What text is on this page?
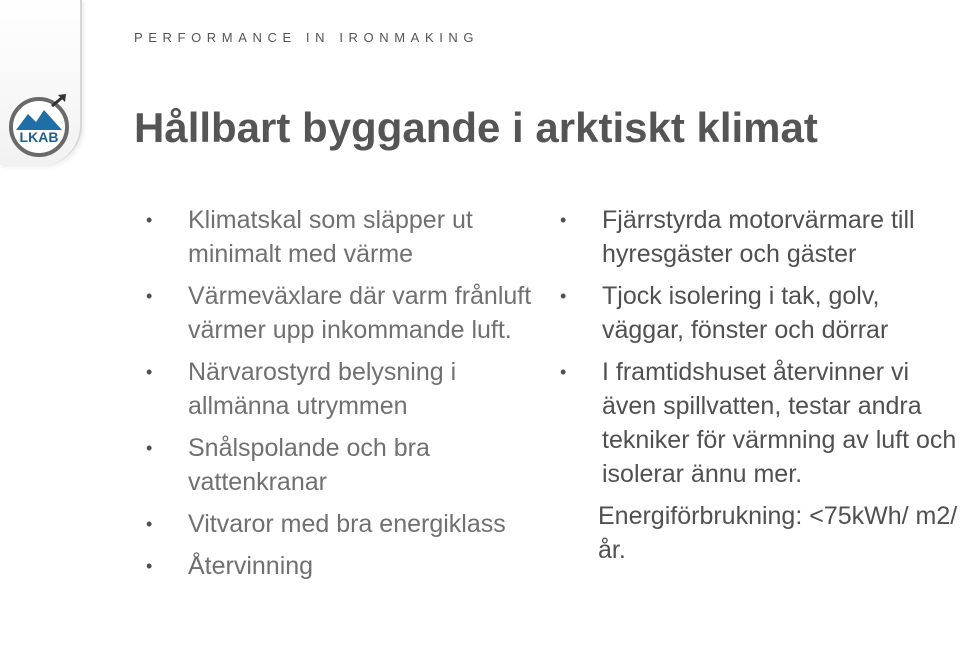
LKAB
PERFORMANCE IN IRONMAKING
Hållbart byggande i arktiskt klimat
• Klimatskal som släpper ut minimalt med värme
• Värmeväxlare där varm frånluft värmer upp inkommande luft.
• Närvarostyrd belysning i allmänna utrymmen
• Snålspolande och bra vattenkranar
• Vitvaror med bra energiklass
• Återvinning
• Fjärrstyrda motorvärmare till hyresgäster och gäster
• Tjock isolering i tak, golv, väggar, fönster och dörrar
• I framtidshuset återvinner vi även spillvatten, testar andra tekniker för värmning av luft och isolerar ännu mer.
Energiförbrukning: <75kWh/ m2/år.
